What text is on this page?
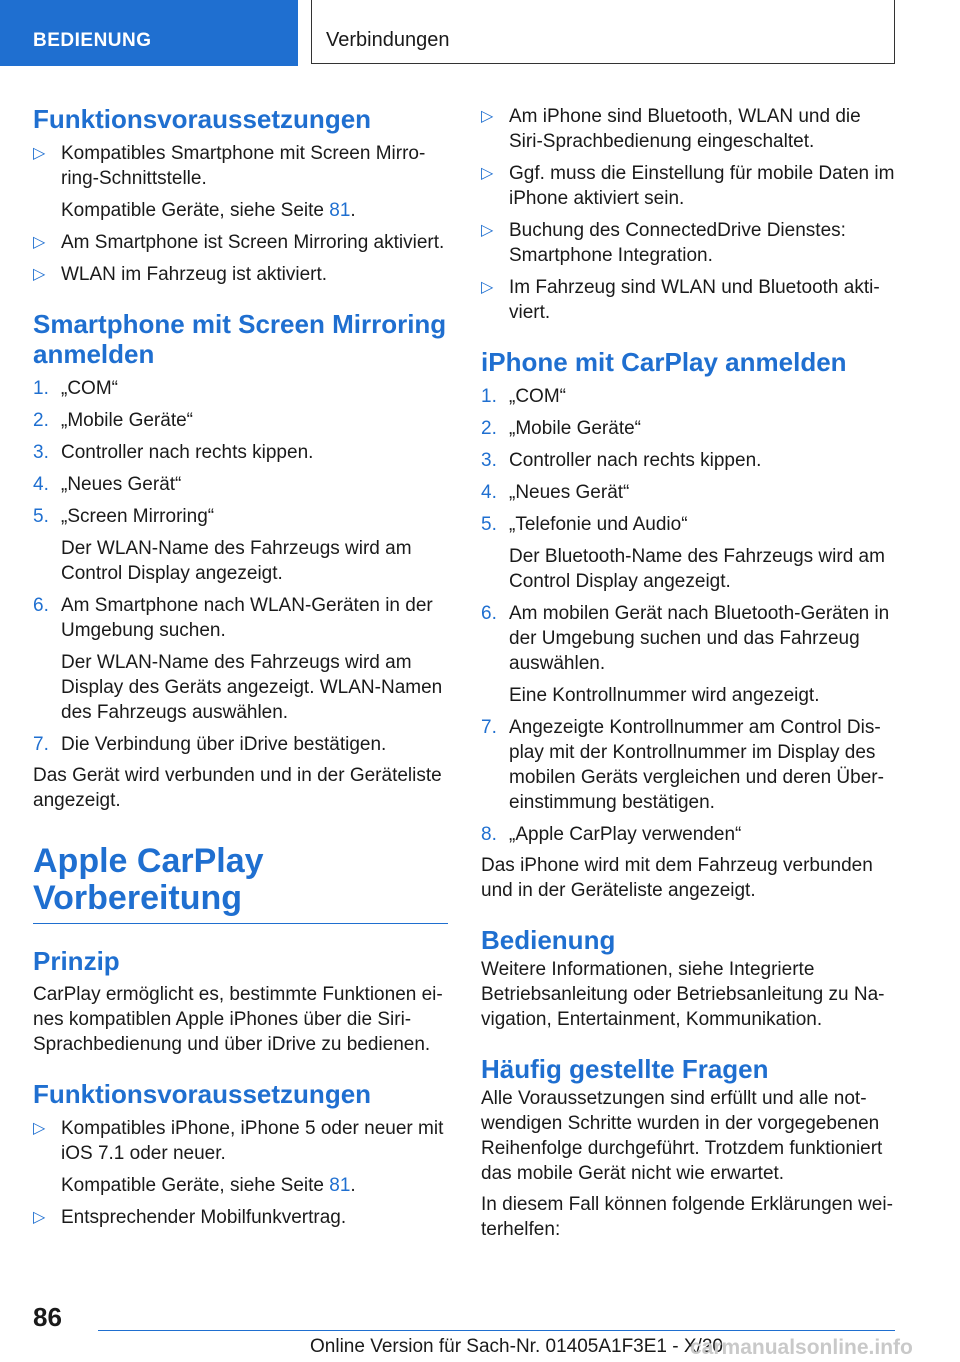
BEDIENUNG	Verbindungen
Funktionsvoraussetzungen
▷ Kompatibles Smartphone mit Screen Mirro-ring-Schnittstelle.
Kompatible Geräte, siehe Seite 81.
▷ Am Smartphone ist Screen Mirroring aktiviert.
▷ WLAN im Fahrzeug ist aktiviert.
Smartphone mit Screen Mirroring anmelden
1. „COM“
2. „Mobile Geräte“
3. Controller nach rechts kippen.
4. „Neues Gerät“
5. „Screen Mirroring“
Der WLAN-Name des Fahrzeugs wird am Control Display angezeigt.
6. Am Smartphone nach WLAN-Geräten in der Umgebung suchen.
Der WLAN-Name des Fahrzeugs wird am Display des Geräts angezeigt. WLAN-Namen des Fahrzeugs auswählen.
7. Die Verbindung über iDrive bestätigen.
Das Gerät wird verbunden und in der Geräteliste angezeigt.
Apple CarPlay Vorbereitung
Prinzip
CarPlay ermöglicht es, bestimmte Funktionen ei-nes kompatiblen Apple iPhones über die Siri-Sprachbedienung und über iDrive zu bedienen.
Funktionsvoraussetzungen
▷ Kompatibles iPhone, iPhone 5 oder neuer mit iOS 7.1 oder neuer.
Kompatible Geräte, siehe Seite 81.
▷ Entsprechender Mobilfunkvertrag.
▷ Am iPhone sind Bluetooth, WLAN und die Siri-Sprachbedienung eingeschaltet.
▷ Ggf. muss die Einstellung für mobile Daten im iPhone aktiviert sein.
▷ Buchung des ConnectedDrive Dienstes: Smartphone Integration.
▷ Im Fahrzeug sind WLAN und Bluetooth akti-viert.
iPhone mit CarPlay anmelden
1. „COM“
2. „Mobile Geräte“
3. Controller nach rechts kippen.
4. „Neues Gerät“
5. „Telefonie und Audio“
Der Bluetooth-Name des Fahrzeugs wird am Control Display angezeigt.
6. Am mobilen Gerät nach Bluetooth-Geräten in der Umgebung suchen und das Fahrzeug auswählen.
Eine Kontrollnummer wird angezeigt.
7. Angezeigte Kontrollnummer am Control Dis-play mit der Kontrollnummer im Display des mobilen Geräts vergleichen und deren Über-einstimmung bestätigen.
8. „Apple CarPlay verwenden“
Das iPhone wird mit dem Fahrzeug verbunden und in der Geräteliste angezeigt.
Bedienung
Weitere Informationen, siehe Integrierte Betriebsanleitung oder Betriebsanleitung zu Na-vigation, Entertainment, Kommunikation.
Häufig gestellte Fragen
Alle Voraussetzungen sind erfüllt und alle not-wendigen Schritte wurden in der vorgegebenen Reihenfolge durchgeführt. Trotzdem funktioniert das mobile Gerät nicht wie erwartet.
In diesem Fall können folgende Erklärungen wei-terhelfen:
86
Online Version für Sach-Nr. 01405A1F3E1 - X/20
carmanualsonline.info
